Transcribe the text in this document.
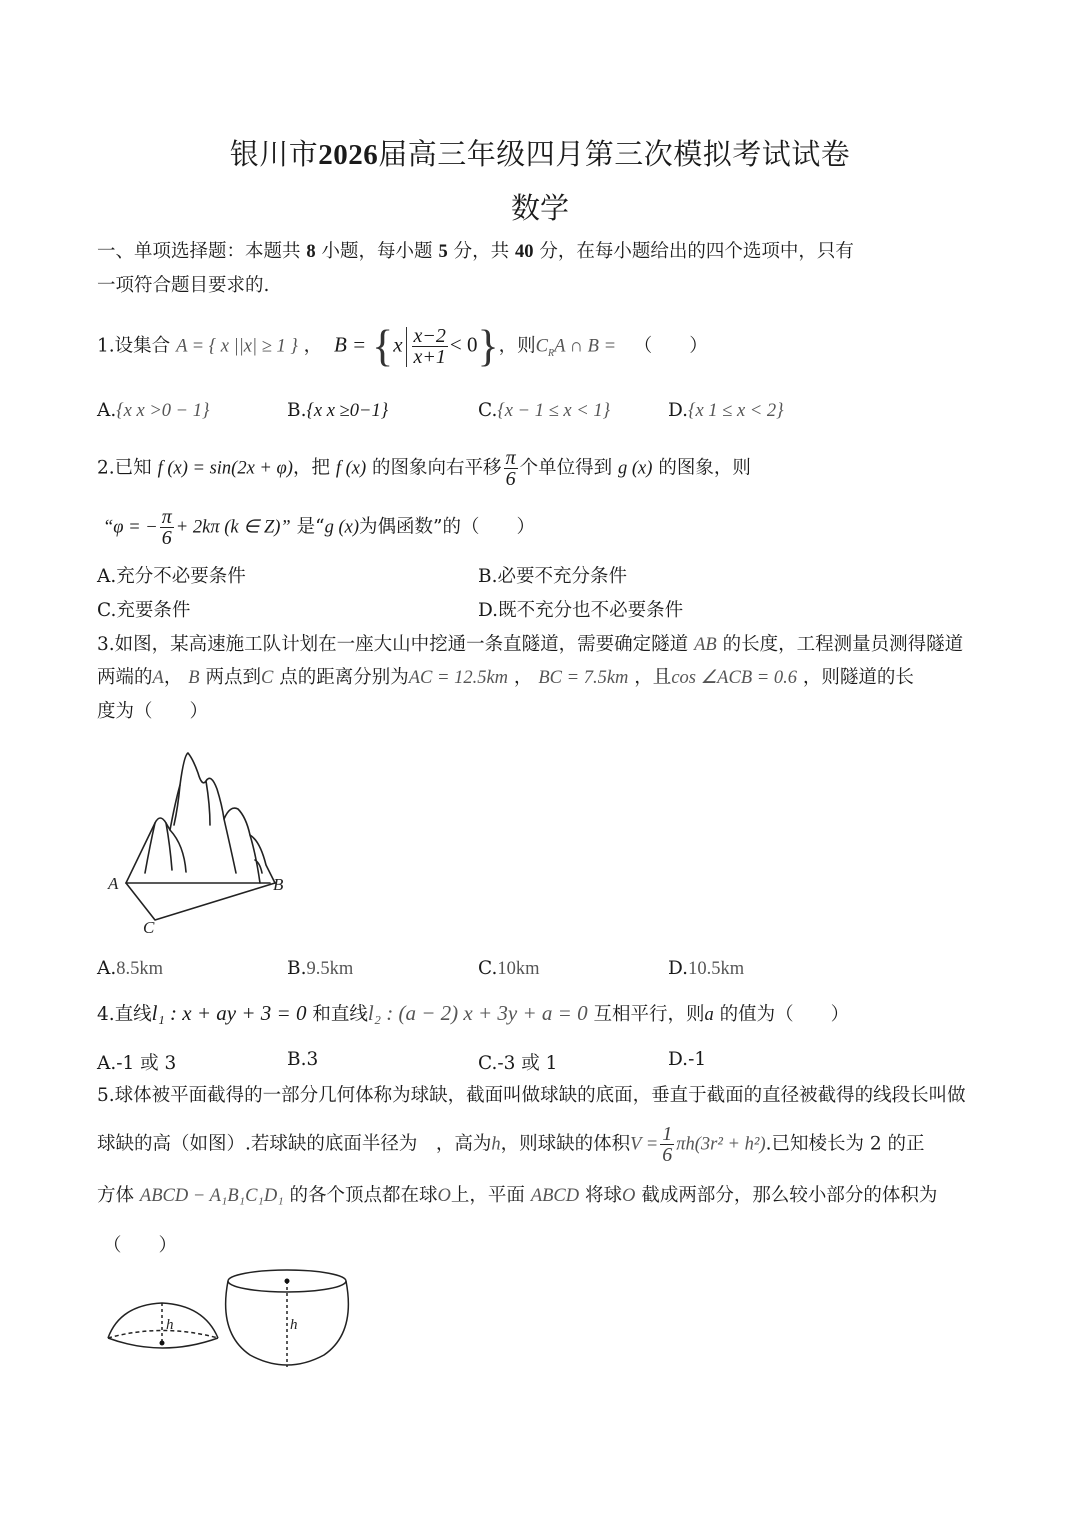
银川市2026届高三年级四月第三次模拟考试试卷
数学
一、单项选择题：本题共 8 小题，每小题 5 分，共 40 分，在每小题给出的四个选项中，只有
一项符合题目要求的.
1.设集合 A = { x ||x| ≥ 1 } ，  $B = \{x \frac{x-2}{x+1} < 0\}$，则$C_RA$ ∩ B = （　　）
A.{x x >0 − 1}	B.{x x ≥0−1}	C.{x − 1 ≤ x < 1}	D.{x 1 ≤ x < 2}
2.已知 f (x) = sin(2x + φ)，把 f (x) 的图象向右平移 $\frac{\pi}{6}$ 个单位得到 g (x) 的图象，则
“φ = − $\frac{\pi}{6} + 2k\pi$ (k ∈ Z)” 是“g (x)为偶函数”的（　　）
A.充分不必要条件	B.必要不充分条件
C.充要条件	D.既不充分也不必要条件
3.如图，某高速施工队计划在一座大山中挖通一条直隧道，需要确定隧道 AB 的长度，工程测量员测得隧道
两端的A， B 两点到C 点的距离分别为AC = 12.5km ， BC = 7.5km ，且cos ∠ACB = 0.6 ，则隧道的长
度为（　　）
A	B
C
A.8.5km	B.9.5km	C.10km	D.10.5km
4.直线l₁ : x + ay + 3 = 0 和直线l₂ : (a − 2) x + 3y + a = 0 互相平行，则a 的值为（　　）
A.-1 或 3	B.3	C.-3 或 1	D.-1
5.球体被平面截得的一部分几何体称为球缺，截面叫做球缺的底面，垂直于截面的直径被截得的线段长叫做
球缺的高（如图）.若球缺的底面半径为　，高为h，则球缺的体积$V = \frac{1}{6} \pi h(3r^2 + h^2)$.已知棱长为 2 的正
方体 ABCD − A₁B₁C₁D₁ 的各个顶点都在球O上，平面 ABCD 将球O 截成两部分，那么较小部分的体积为
（　　）
h	h
